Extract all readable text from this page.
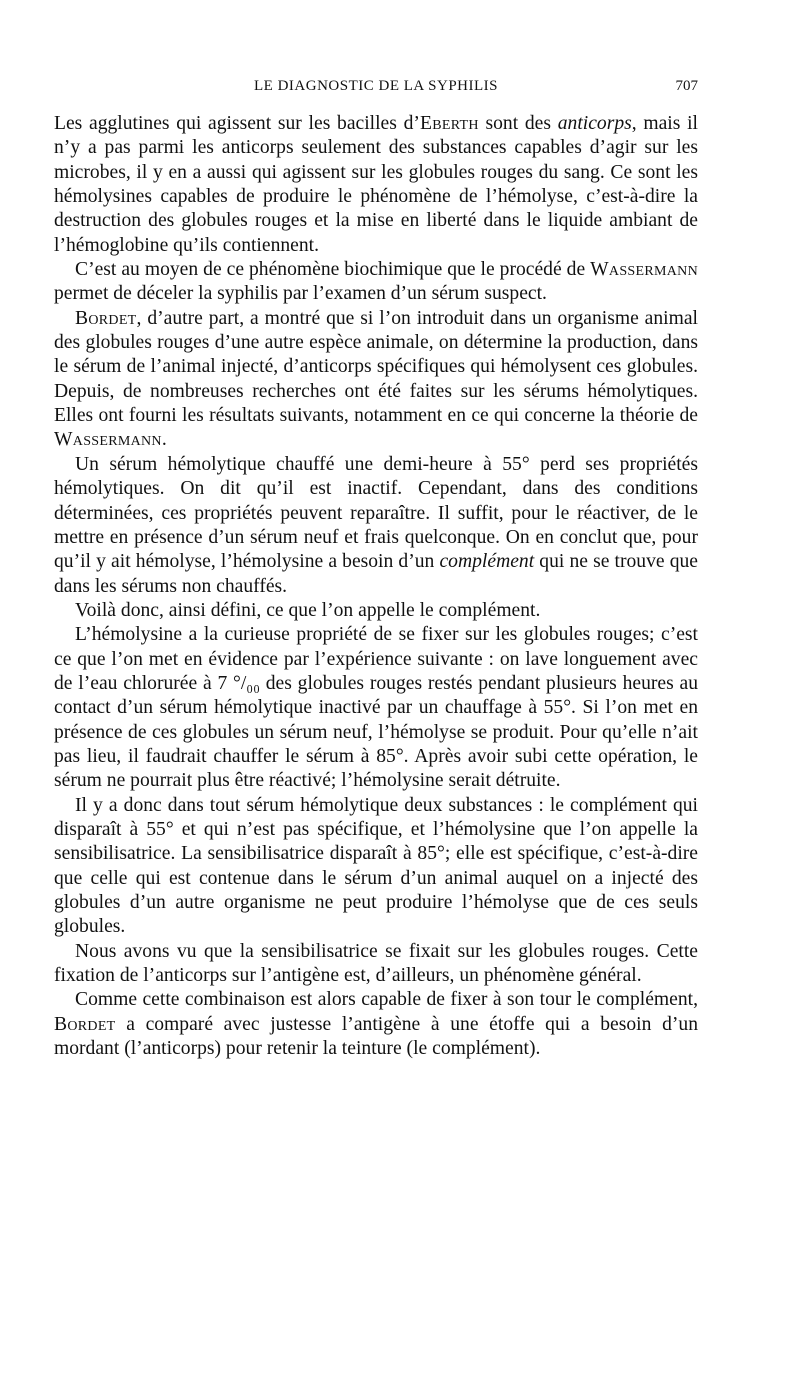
LE DIAGNOSTIC DE LA SYPHILIS	707

Les agglutines qui agissent sur les bacilles d’Eberth sont des anticorps, mais il n’y a pas parmi les anticorps seulement des substances capables d’agir sur les microbes, il y en a aussi qui agissent sur les globules rouges du sang. Ce sont les hémolysines capables de produire le phénomène de l’hémolyse, c’est-à-dire la destruction des globules rouges et la mise en liberté dans le liquide ambiant de l’hémoglobine qu’ils contiennent.

C’est au moyen de ce phénomène biochimique que le procédé de Wassermann permet de déceler la syphilis par l’examen d’un sérum suspect.

Bordet, d’autre part, a montré que si l’on introduit dans un organisme animal des globules rouges d’une autre espèce animale, on détermine la production, dans le sérum de l’animal injecté, d’anticorps spécifiques qui hémolysent ces globules. Depuis, de nombreuses recherches ont été faites sur les sérums hémolytiques. Elles ont fourni les résultats suivants, notamment en ce qui concerne la théorie de Wassermann.

Un sérum hémolytique chauffé une demi-heure à 55° perd ses propriétés hémolytiques. On dit qu’il est inactif. Cependant, dans des conditions déterminées, ces propriétés peuvent reparaître. Il suffit, pour le réactiver, de le mettre en présence d’un sérum neuf et frais quelconque. On en conclut que, pour qu’il y ait hémolyse, l’hémolysine a besoin d’un complément qui ne se trouve que dans les sérums non chauffés.

Voilà donc, ainsi défini, ce que l’on appelle le complément.

L’hémolysine a la curieuse propriété de se fixer sur les globules rouges; c’est ce que l’on met en évidence par l’expérience suivante : on lave longuement avec de l’eau chlorurée à 7 °/₀₀ des globules rouges restés pendant plusieurs heures au contact d’un sérum hémolytique inactivé par un chauffage à 55°. Si l’on met en présence de ces globules un sérum neuf, l’hémolyse se produit. Pour qu’elle n’ait pas lieu, il faudrait chauffer le sérum à 85°. Après avoir subi cette opération, le sérum ne pourrait plus être réactivé; l’hémolysine serait détruite.

Il y a donc dans tout sérum hémolytique deux substances : le complément qui disparaît à 55° et qui n’est pas spécifique, et l’hémolysine que l’on appelle la sensibilisatrice. La sensibilisatrice disparaît à 85°; elle est spécifique, c’est-à-dire que celle qui est contenue dans le sérum d’un animal auquel on a injecté des globules d’un autre organisme ne peut produire l’hémolyse que de ces seuls globules.

Nous avons vu que la sensibilisatrice se fixait sur les globules rouges. Cette fixation de l’anticorps sur l’antigène est, d’ailleurs, un phénomène général.

Comme cette combinaison est alors capable de fixer à son tour le complément, Bordet a comparé avec justesse l’antigène à une étoffe qui a besoin d’un mordant (l’anticorps) pour retenir la teinture (le complément).
